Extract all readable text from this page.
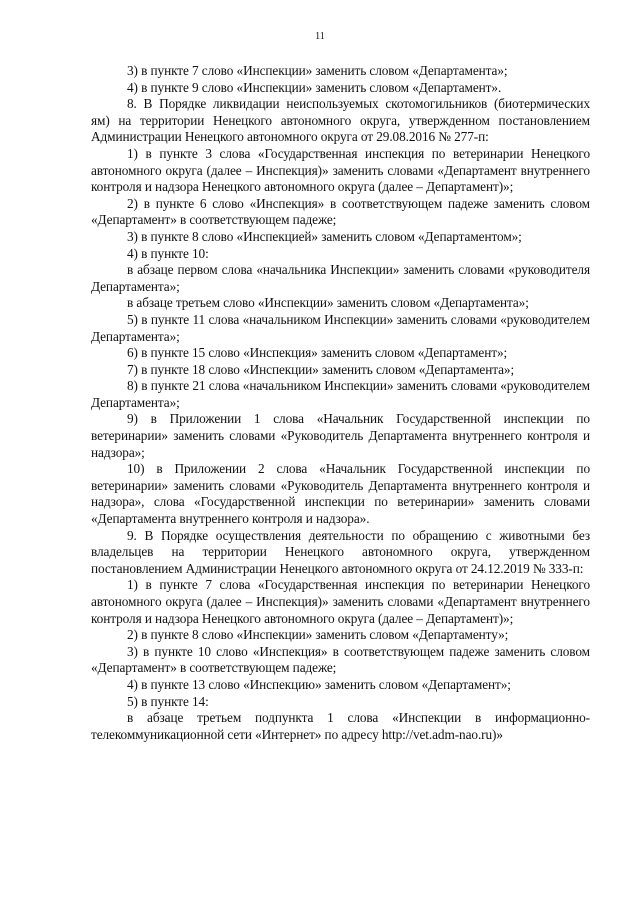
11

3) в пункте 7 слово «Инспекции» заменить словом «Департамента»;

4) в пункте 9 слово «Инспекции» заменить словом «Департамент».

8. В Порядке ликвидации неиспользуемых скотомогильников (биотермических ям) на территории Ненецкого автономного округа, утвержденном постановлением Администрации Ненецкого автономного округа от 29.08.2016 № 277-п:

1) в пункте 3 слова «Государственная инспекция по ветеринарии Ненецкого автономного округа (далее – Инспекция)» заменить словами «Департамент внутреннего контроля и надзора Ненецкого автономного округа (далее – Департамент)»;

2) в пункте 6 слово «Инспекция» в соответствующем падеже заменить словом «Департамент» в соответствующем падеже;

3) в пункте 8 слово «Инспекцией» заменить словом «Департаментом»;

4) в пункте 10:

в абзаце первом слова «начальника Инспекции» заменить словами «руководителя Департамента»;

в абзаце третьем слово «Инспекции» заменить словом «Департамента»;

5) в пункте 11 слова «начальником Инспекции» заменить словами «руководителем Департамента»;

6) в пункте 15 слово «Инспекция» заменить словом «Департамент»;

7) в пункте 18 слово «Инспекции» заменить словом «Департамента»;

8) в пункте 21 слова «начальником Инспекции» заменить словами «руководителем Департамента»;

9) в Приложении 1 слова «Начальник Государственной инспекции по ветеринарии» заменить словами «Руководитель Департамента внутреннего контроля и надзора»;

10) в Приложении 2 слова «Начальник Государственной инспекции по ветеринарии» заменить словами «Руководитель Департамента внутреннего контроля и надзора», слова «Государственной инспекции по ветеринарии» заменить словами «Департамента внутреннего контроля и надзора».

9. В Порядке осуществления деятельности по обращению с животными без владельцев на территории Ненецкого автономного округа, утвержденном постановлением Администрации Ненецкого автономного округа от 24.12.2019 № 333-п:

1) в пункте 7 слова «Государственная инспекция по ветеринарии Ненецкого автономного округа (далее – Инспекция)» заменить словами «Департамент внутреннего контроля и надзора Ненецкого автономного округа (далее – Департамент)»;

2) в пункте 8 слово «Инспекции» заменить словом «Департаменту»;

3) в пункте 10 слово «Инспекция» в соответствующем падеже заменить словом «Департамент» в соответствующем падеже;

4) в пункте 13 слово «Инспекцию» заменить словом «Департамент»;

5) в пункте 14:

в абзаце третьем подпункта 1 слова «Инспекции в информационно-телекоммуникационной сети «Интернет» по адресу http://vet.adm-nao.ru)»
